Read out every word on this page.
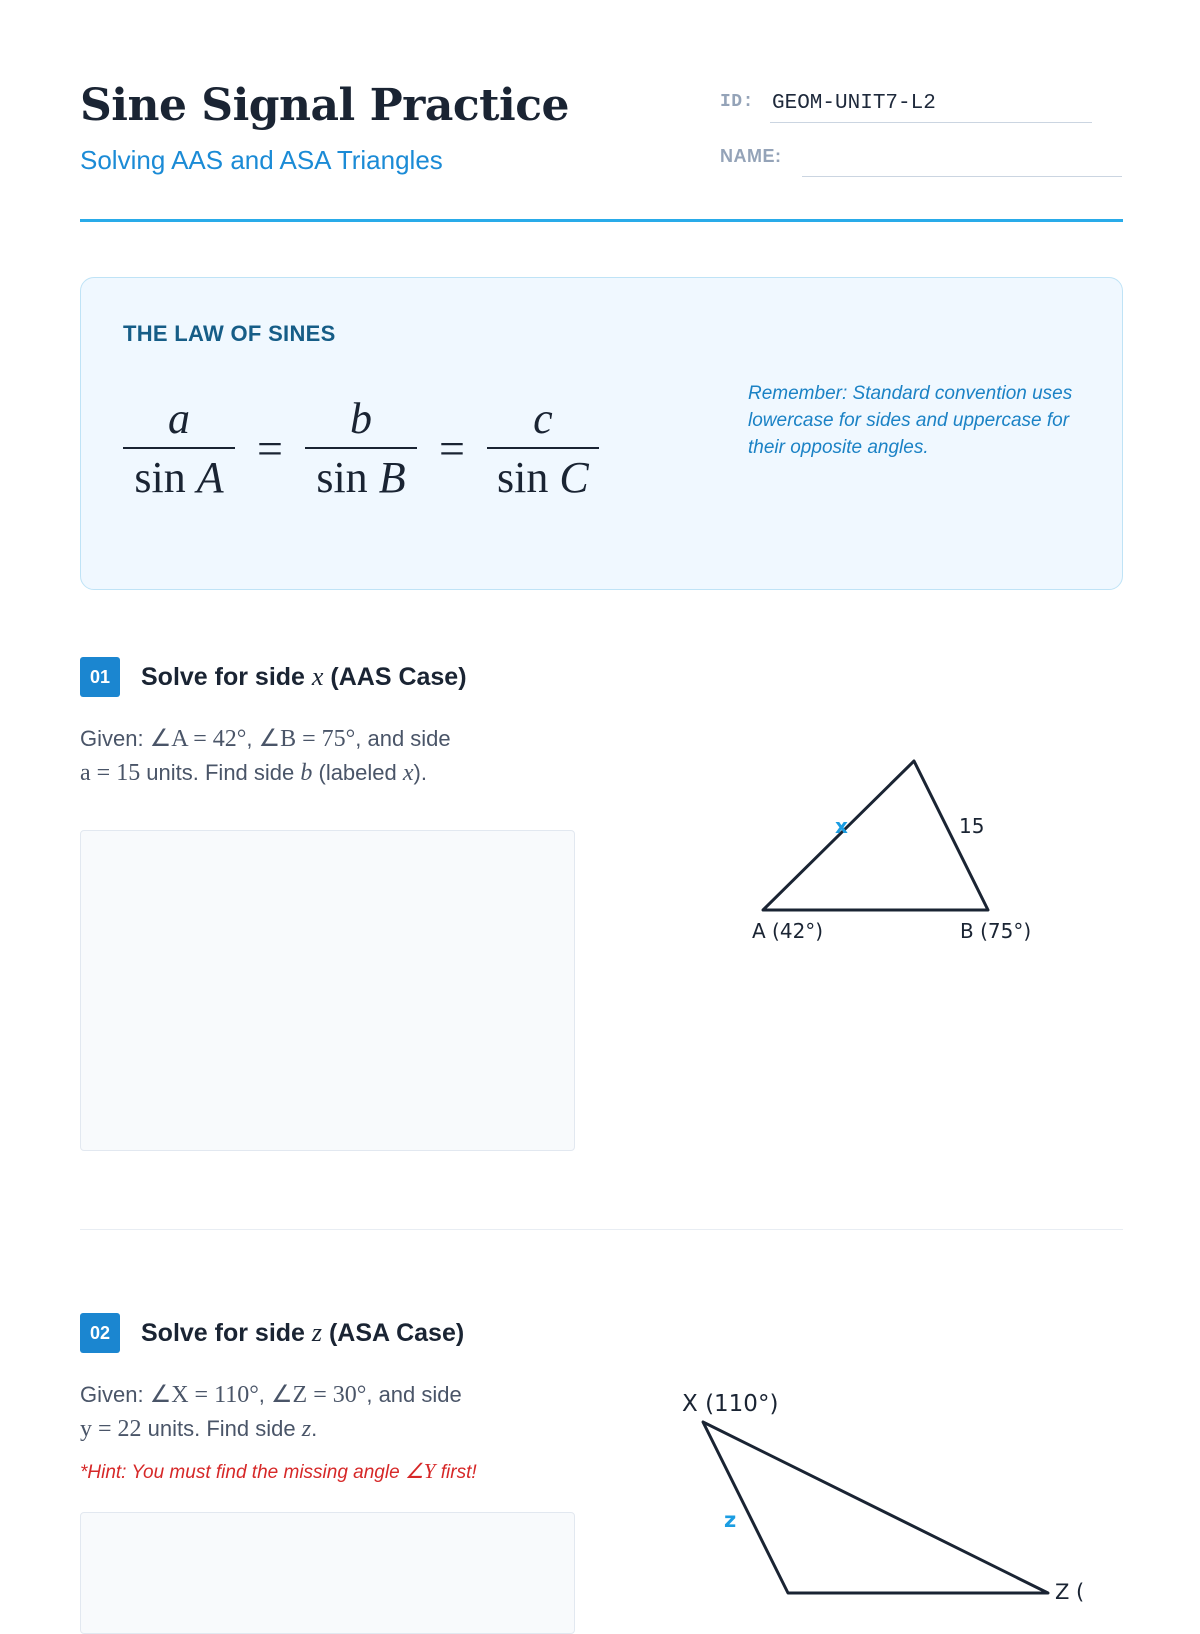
Sine Signal Practice
Solving AAS and ASA Triangles
ID: GEOM-UNIT7-L2
NAME:
THE LAW OF SINES
$\frac{a}{\text{sin A}} = \frac{b}{\text{sin B}} = \frac{c}{\text{sin C}}$	Remember: Standard convention uses lowercase for sides and uppercase for their opposite angles.
01	Solve for side x (AAS Case)
Given: ∠A = 42°, ∠B = 75°, and side
a = 15 units. Find side b (labeled x).
x	15
A (42°)	B (75°)
02	Solve for side z (ASA Case)
Given: ∠X = 110°, ∠Z = 30°, and side
y = 22 units. Find side z.
*Hint: You must find the missing angle ∠Y first!
X (110°)
z
Z (
